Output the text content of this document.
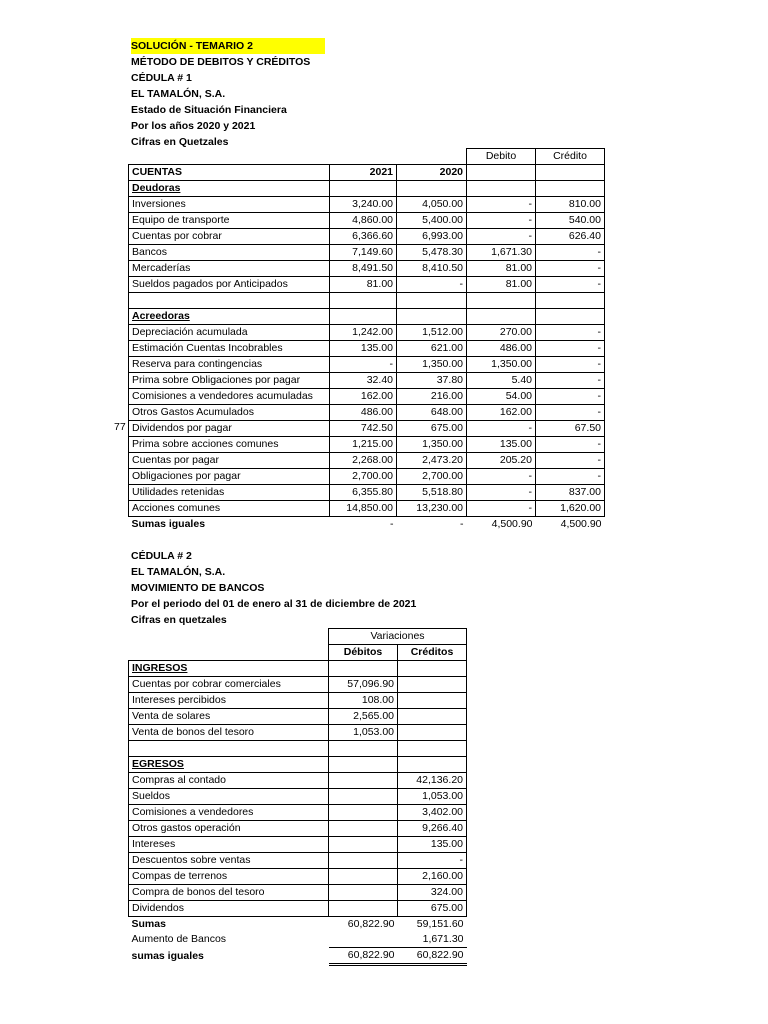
SOLUCIÓN - TEMARIO 2
MÉTODO DE DEBITOS Y CRÉDITOS
CÉDULA # 1
EL TAMALÓN, S.A.
Estado de Situación Financiera
Por los años 2020 y 2021
Cifras en Quetzales
			Debito	Crédito
CUENTAS	2021	2020		
Deudoras				
Inversiones	3,240.00	4,050.00	-	810.00
Equipo de transporte	4,860.00	5,400.00	-	540.00
Cuentas por cobrar	6,366.60	6,993.00	-	626.40
Bancos	7,149.60	5,478.30	1,671.30	-
Mercaderías	8,491.50	8,410.50	81.00	-
Sueldos pagados por Anticipados	81.00	-	81.00	-

Acreedoras				
Depreciación acumulada	1,242.00	1,512.00	270.00	-
Estimación Cuentas Incobrables	135.00	621.00	486.00	-
Reserva para contingencias	-	1,350.00	1,350.00	-
Prima sobre Obligaciones por pagar	32.40	37.80	5.40	-
Comisiones a vendedores acumuladas	162.00	216.00	54.00	-
Otros Gastos Acumulados	486.00	648.00	162.00	-
Dividendos por pagar	742.50	675.00	-	67.50
Prima sobre acciones comunes	1,215.00	1,350.00	135.00	-
Cuentas por pagar	2,268.00	2,473.20	205.20	-
Obligaciones por pagar	2,700.00	2,700.00	-	-
Utilidades retenidas	6,355.80	5,518.80	-	837.00
Acciones comunes	14,850.00	13,230.00	-	1,620.00
Sumas iguales	-	-	4,500.90	4,500.90
77
CÉDULA # 2
EL TAMALÓN, S.A.
MOVIMIENTO DE BANCOS
Por el periodo del 01 de enero al 31 de diciembre de 2021
Cifras en quetzales
	Variaciones	
	Débitos	Créditos
INGRESOS		
Cuentas por cobrar comerciales	57,096.90	
Intereses percibidos	108.00	
Venta de solares	2,565.00	
Venta de bonos del tesoro	1,053.00	

EGRESOS		
Compras al contado		42,136.20
Sueldos		1,053.00
Comisiones a vendedores		3,402.00
Otros gastos operación		9,266.40
Intereses		135.00
Descuentos sobre ventas		-
Compas de terrenos		2,160.00
Compra de bonos del tesoro		324.00
Dividendos		675.00
Sumas	60,822.90	59,151.60
Aumento de Bancos		1,671.30
sumas iguales	60,822.90	60,822.90
